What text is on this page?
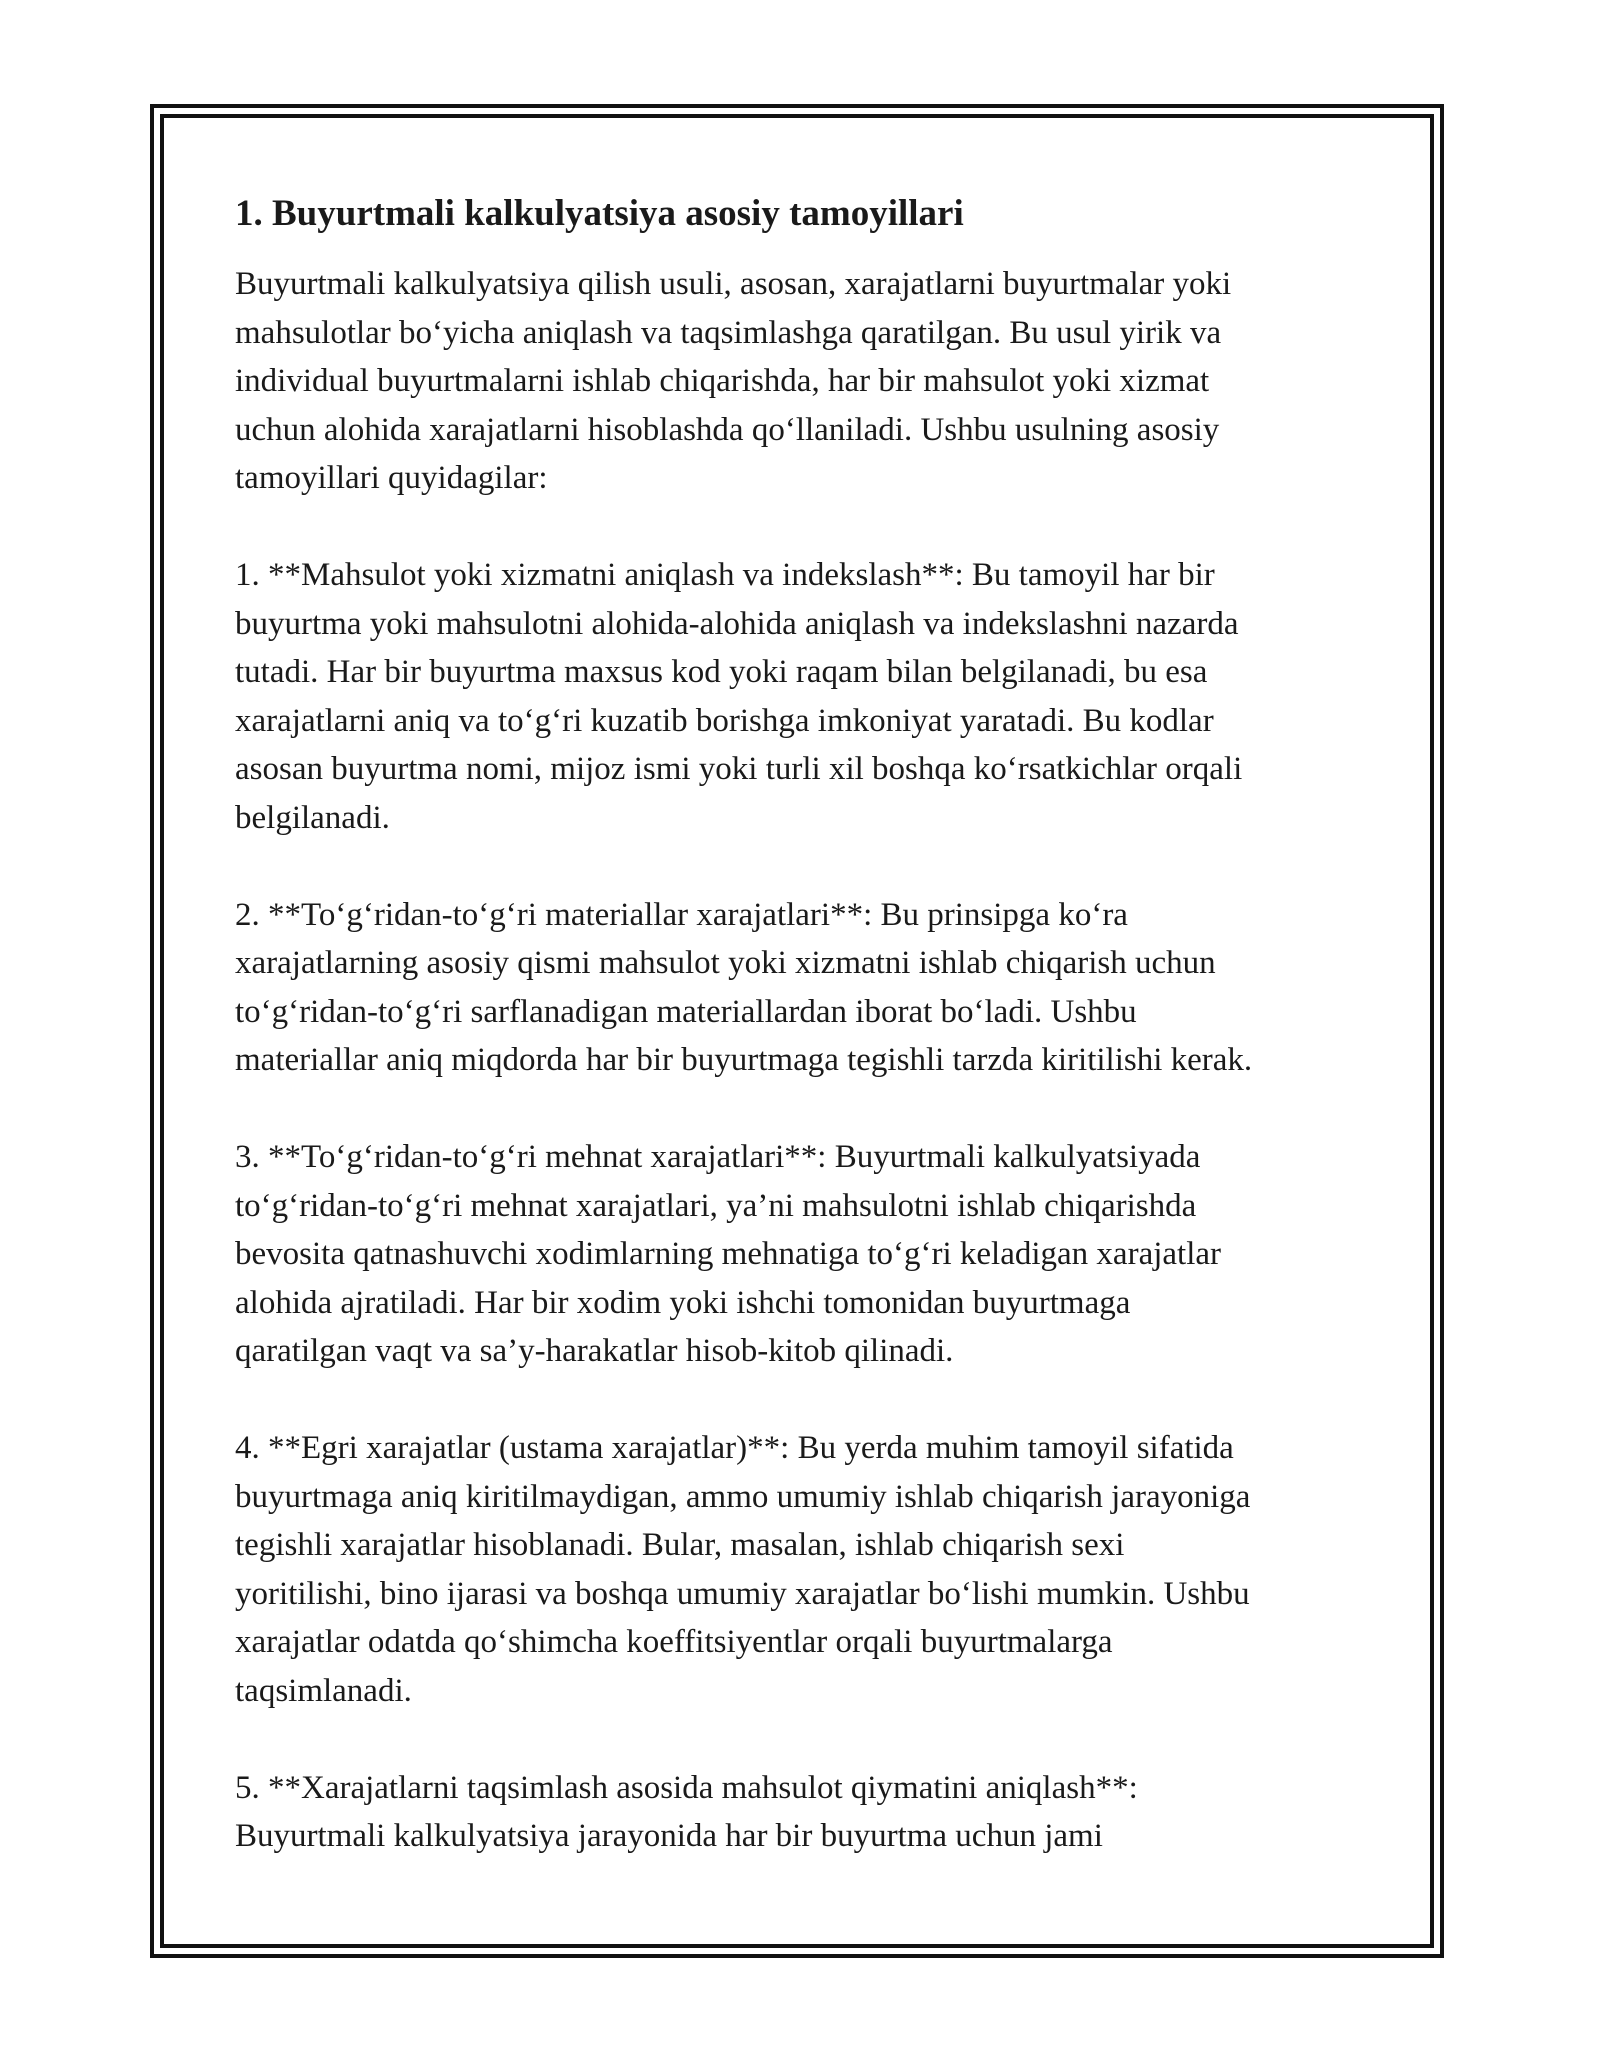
1. Buyurtmali kalkulyatsiya asosiy tamoyillari
Buyurtmali kalkulyatsiya qilish usuli, asosan, xarajatlarni buyurtmalar yoki
mahsulotlar bo‘yicha aniqlash va taqsimlashga qaratilgan. Bu usul yirik va
individual buyurtmalarni ishlab chiqarishda, har bir mahsulot yoki xizmat
uchun alohida xarajatlarni hisoblashda qo‘llaniladi. Ushbu usulning asosiy
tamoyillari quyidagilar:
1. **Mahsulot yoki xizmatni aniqlash va indekslash**: Bu tamoyil har bir
buyurtma yoki mahsulotni alohida-alohida aniqlash va indekslashni nazarda
tutadi. Har bir buyurtma maxsus kod yoki raqam bilan belgilanadi, bu esa
xarajatlarni aniq va to‘g‘ri kuzatib borishga imkoniyat yaratadi. Bu kodlar
asosan buyurtma nomi, mijoz ismi yoki turli xil boshqa ko‘rsatkichlar orqali
belgilanadi.
2. **To‘g‘ridan-to‘g‘ri materiallar xarajatlari**: Bu prinsipga ko‘ra
xarajatlarning asosiy qismi mahsulot yoki xizmatni ishlab chiqarish uchun
to‘g‘ridan-to‘g‘ri sarflanadigan materiallardan iborat bo‘ladi. Ushbu
materiallar aniq miqdorda har bir buyurtmaga tegishli tarzda kiritilishi kerak.
3. **To‘g‘ridan-to‘g‘ri mehnat xarajatlari**: Buyurtmali kalkulyatsiyada
to‘g‘ridan-to‘g‘ri mehnat xarajatlari, ya’ni mahsulotni ishlab chiqarishda
bevosita qatnashuvchi xodimlarning mehnatiga to‘g‘ri keladigan xarajatlar
alohida ajratiladi. Har bir xodim yoki ishchi tomonidan buyurtmaga
qaratilgan vaqt va sa’y-harakatlar hisob-kitob qilinadi.
4. **Egri xarajatlar (ustama xarajatlar)**: Bu yerda muhim tamoyil sifatida
buyurtmaga aniq kiritilmaydigan, ammo umumiy ishlab chiqarish jarayoniga
tegishli xarajatlar hisoblanadi. Bular, masalan, ishlab chiqarish sexi
yoritilishi, bino ijarasi va boshqa umumiy xarajatlar bo‘lishi mumkin. Ushbu
xarajatlar odatda qo‘shimcha koeffitsiyentlar orqali buyurtmalarga
taqsimlanadi.
5. **Xarajatlarni taqsimlash asosida mahsulot qiymatini aniqlash**:
Buyurtmali kalkulyatsiya jarayonida har bir buyurtma uchun jami
